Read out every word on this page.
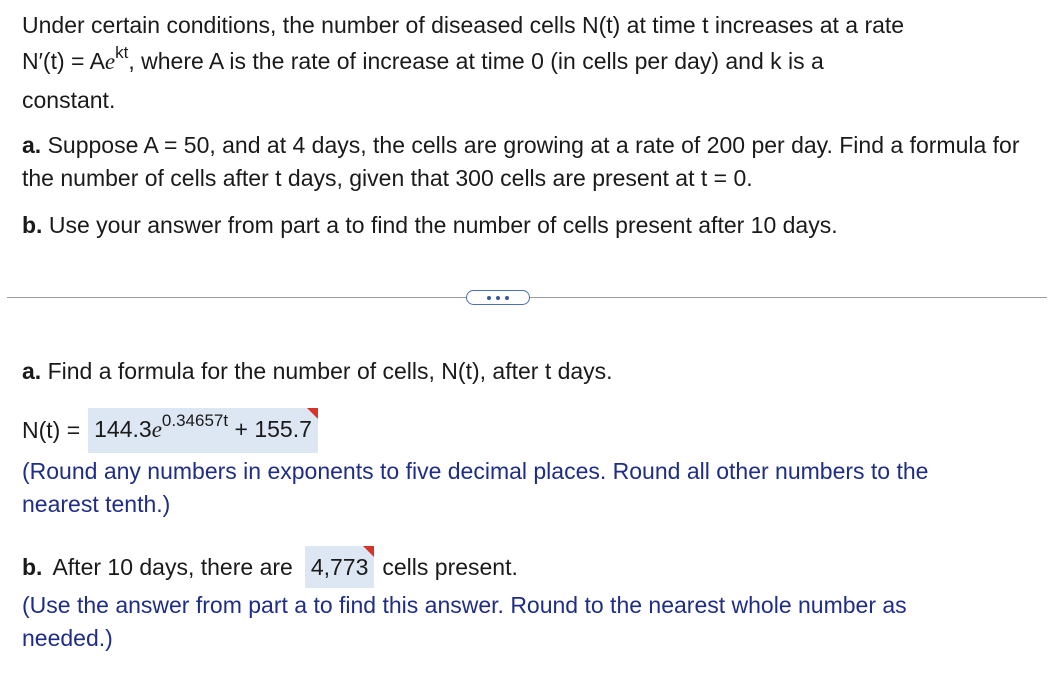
Under certain conditions, the number of diseased cells N(t) at time t increases at a rate
$N'(t) = Ae^{kt}$, where A is the rate of increase at time 0 (in cells per day) and k is a
constant.

a. Suppose A = 50, and at 4 days, the cells are growing at a rate of 200 per day. Find a formula for the number of cells after t days, given that 300 cells are present at t = 0.

b. Use your answer from part a to find the number of cells present after 10 days.

a. Find a formula for the number of cells, N(t), after t days.

$N(t) = 144.3e^{0.34657t} + 155.7$

(Round any numbers in exponents to five decimal places. Round all other numbers to the nearest tenth.)

b. After 10 days, there are 4,773 cells present.

(Use the answer from part a to find this answer. Round to the nearest whole number as needed.)
